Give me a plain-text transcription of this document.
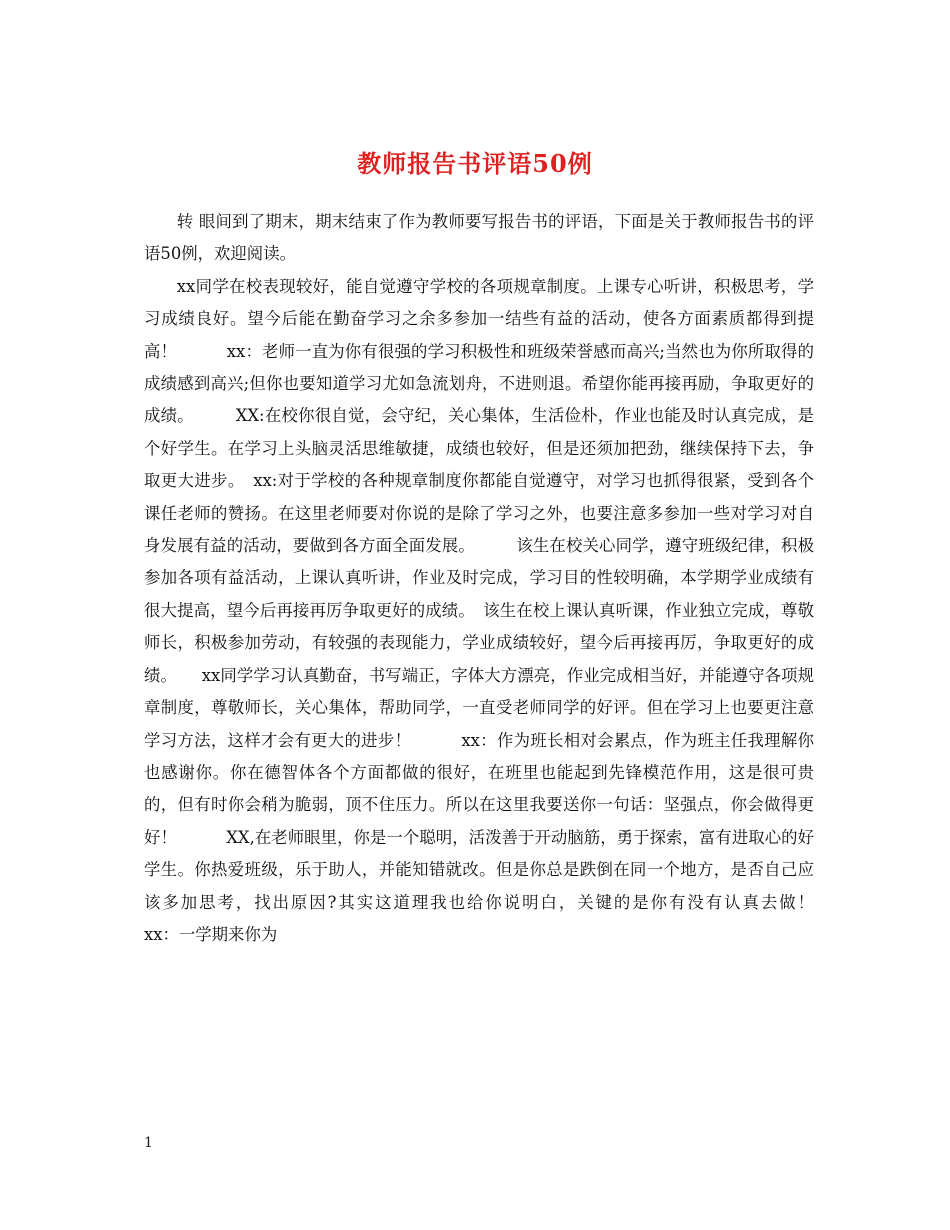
教师报告书评语50例

转 眼间到了期末，期末结束了作为教师要写报告书的评语，下面是关于教师报告书的评语50例，欢迎阅读。

xx同学在校表现较好，能自觉遵守学校的各项规章制度。上课专心听讲，积极思考，学习成绩良好。望今后能在勤奋学习之余多参加一结些有益的活动，使各方面素质都得到提高！　　　xx：老师一直为你有很强的学习积极性和班级荣誉感而高兴;当然也为你所取得的成绩感到高兴;但你也要知道学习尤如急流划舟，不进则退。希望你能再接再励，争取更好的成绩。　　　XX:在校你很自觉，会守纪，关心集体，生活俭朴，作业也能及时认真完成，是个好学生。在学习上头脑灵活思维敏捷，成绩也较好，但是还须加把劲，继续保持下去，争取更大进步。　xx:对于学校的各种规章制度你都能自觉遵守，对学习也抓得很紧，受到各个课任老师的赞扬。在这里老师要对你说的是除了学习之外，也要注意多参加一些对学习对自身发展有益的活动，要做到各方面全面发展。　　　该生在校关心同学，遵守班级纪律，积极参加各项有益活动，上课认真听讲，作业及时完成，学习目的性较明确，本学期学业成绩有很大提高，望今后再接再厉争取更好的成绩。　该生在校上课认真听课，作业独立完成，尊敬师长，积极参加劳动，有较强的表现能力，学业成绩较好，望今后再接再厉，争取更好的成绩。　　xx同学学习认真勤奋，书写端正，字体大方漂亮，作业完成相当好，并能遵守各项规章制度，尊敬师长，关心集体，帮助同学，一直受老师同学的好评。但在学习上也要更注意学习方法，这样才会有更大的进步！　　　xx：作为班长相对会累点，作为班主任我理解你也感谢你。你在德智体各个方面都做的很好，在班里也能起到先锋模范作用，这是很可贵的，但有时你会稍为脆弱，顶不住压力。所以在这里我要送你一句话：坚强点，你会做得更好！　　　XX,在老师眼里，你是一个聪明，活泼善于开动脑筋，勇于探索，富有进取心的好学生。你热爱班级，乐于助人，并能知错就改。但是你总是跌倒在同一个地方，是否自己应该多加思考，找出原因?其实这道理我也给你说明白，关键的是你有没有认真去做！　　　xx：一学期来你为

1
